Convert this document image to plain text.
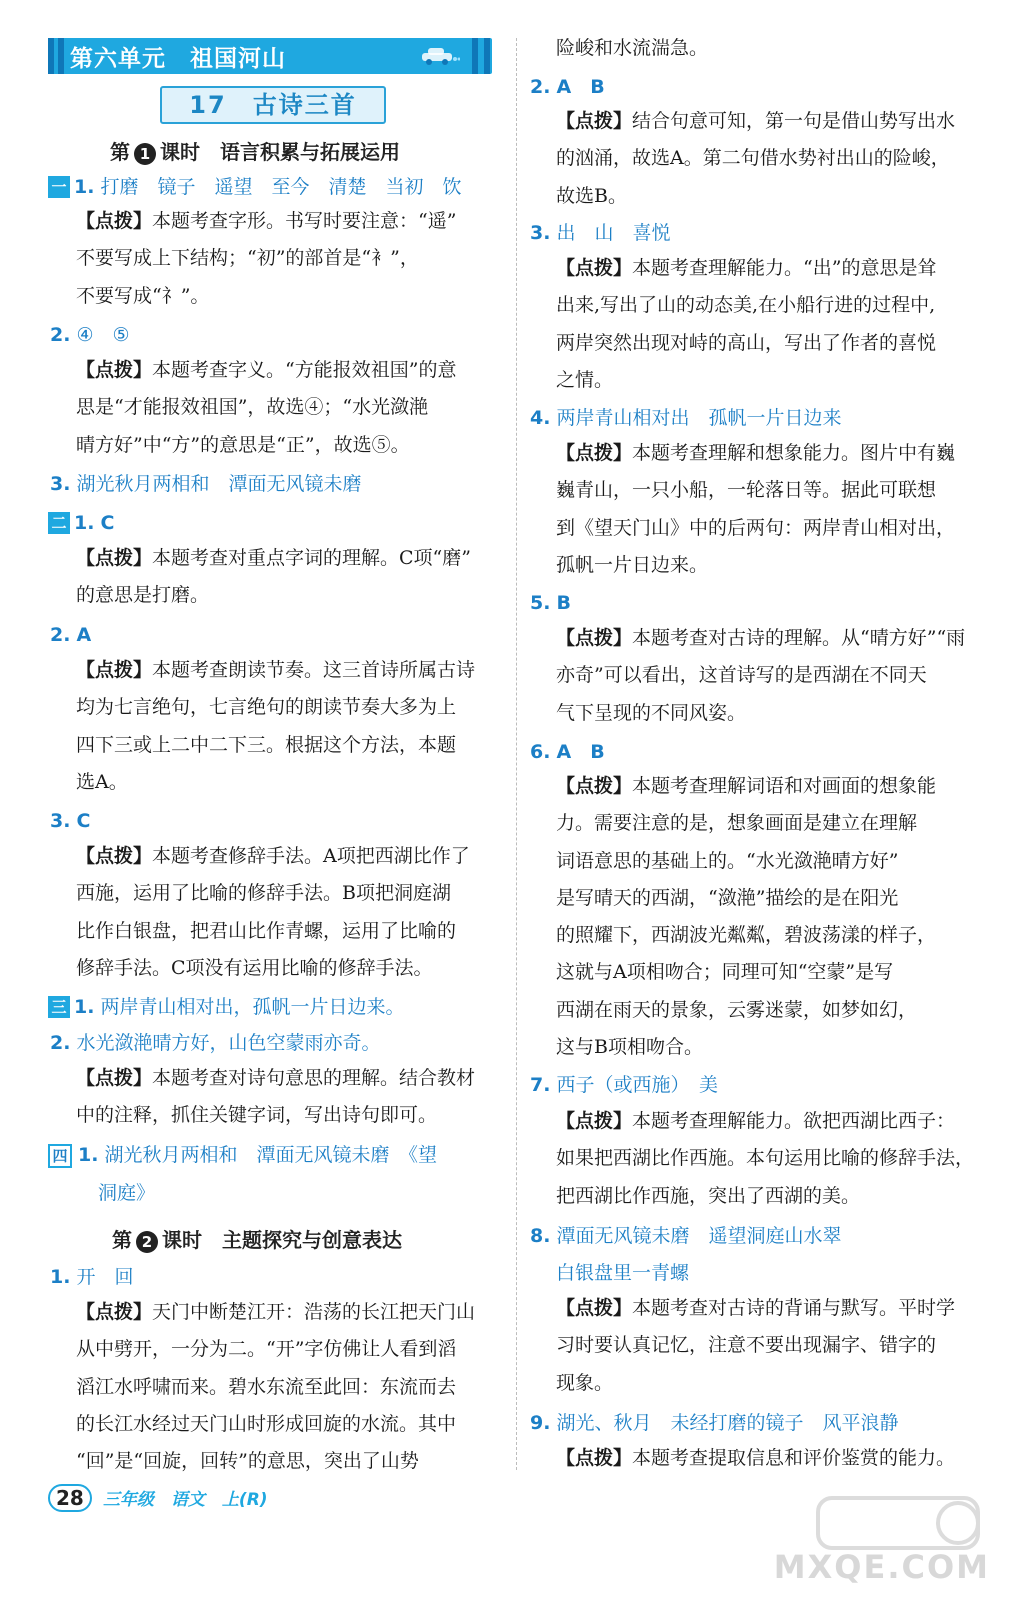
第六单元　祖国河山
17　古诗三首
第 1 课时　语言积累与拓展运用
一 1. 打磨　镜子　遥望　至今　清楚　当初　饮
【点拨】本题考查字形。书写时要注意：“遥”
不要写成上下结构；“初”的部首是“衤”，
不要写成“礻”。
2. ④　⑤
【点拨】本题考查字义。“方能报效祖国”的意
思是“才能报效祖国”，故选④；“水光潋滟
晴方好”中“方”的意思是“正”，故选⑤。
3. 湖光秋月两相和　潭面无风镜未磨
二 1. C
【点拨】本题考查对重点字词的理解。C项“磨”
的意思是打磨。
2. A
【点拨】本题考查朗读节奏。这三首诗所属古诗
均为七言绝句，七言绝句的朗读节奏大多为上
四下三或上二中二下三。根据这个方法，本题
选A。
3. C
【点拨】本题考查修辞手法。A项把西湖比作了
西施，运用了比喻的修辞手法。B项把洞庭湖
比作白银盘，把君山比作青螺，运用了比喻的
修辞手法。C项没有运用比喻的修辞手法。
三 1. 两岸青山相对出，孤帆一片日边来。
2. 水光潋滟晴方好，山色空蒙雨亦奇。
【点拨】本题考查对诗句意思的理解。结合教材
中的注释，抓住关键字词，写出诗句即可。
四 1. 湖光秋月两相和　潭面无风镜未磨　《望
洞庭》
第 2 课时　主题探究与创意表达
1. 开　回
【点拨】天门中断楚江开：浩荡的长江把天门山
从中劈开，一分为二。“开”字仿佛让人看到滔
滔江水呼啸而来。碧水东流至此回：东流而去
的长江水经过天门山时形成回旋的水流。其中
“回”是“回旋，回转”的意思，突出了山势
险峻和水流湍急。
2. A　B
【点拨】结合句意可知，第一句是借山势写出水
的汹涌，故选A。第二句借水势衬出山的险峻，
故选B。
3. 出　山　喜悦
【点拨】本题考查理解能力。“出”的意思是耸
出来,写出了山的动态美,在小船行进的过程中,
两岸突然出现对峙的高山，写出了作者的喜悦
之情。
4. 两岸青山相对出　孤帆一片日边来
【点拨】本题考查理解和想象能力。图片中有巍
巍青山，一只小船，一轮落日等。据此可联想
到《望天门山》中的后两句：两岸青山相对出，
孤帆一片日边来。
5. B
【点拨】本题考查对古诗的理解。从“晴方好”“雨
亦奇”可以看出，这首诗写的是西湖在不同天
气下呈现的不同风姿。
6. A　B
【点拨】本题考查理解词语和对画面的想象能
力。需要注意的是，想象画面是建立在理解
词语意思的基础上的。“水光潋滟晴方好”
是写晴天的西湖，“潋滟”描绘的是在阳光
的照耀下，西湖波光粼粼，碧波荡漾的样子，
这就与A项相吻合；同理可知“空蒙”是写
西湖在雨天的景象，云雾迷蒙，如梦如幻，
这与B项相吻合。
7. 西子（或西施）　美
【点拨】本题考查理解能力。欲把西湖比西子：
如果把西湖比作西施。本句运用比喻的修辞手法，
把西湖比作西施，突出了西湖的美。
8. 潭面无风镜未磨　遥望洞庭山水翠
白银盘里一青螺
【点拨】本题考查对古诗的背诵与默写。平时学
习时要认真记忆，注意不要出现漏字、错字的
现象。
9. 湖光、秋月　未经打磨的镜子　风平浪静
【点拨】本题考查提取信息和评价鉴赏的能力。
28 三年级　语文　上(R)
MXQE.COM
